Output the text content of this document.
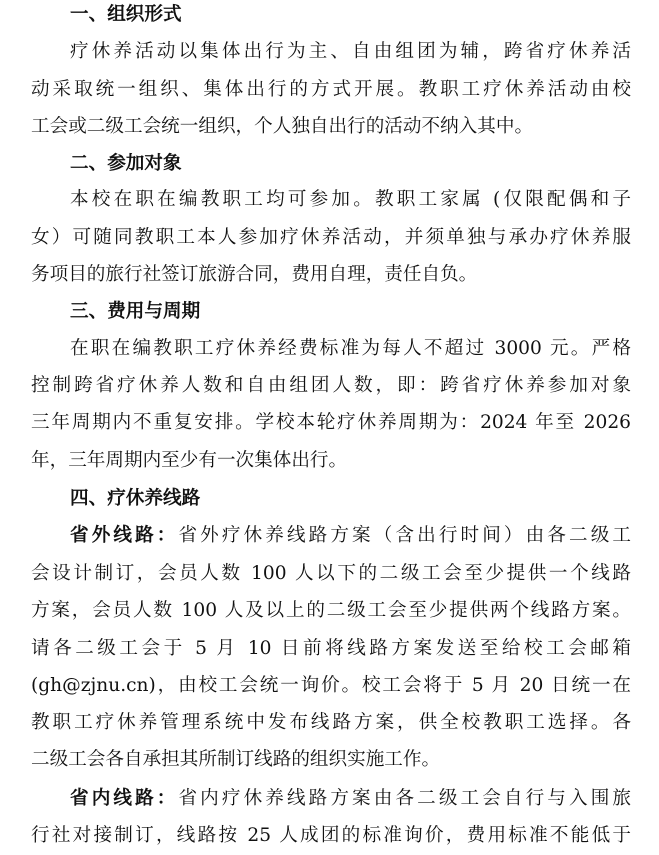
一、组织形式

疗休养活动以集体出行为主、自由组团为辅，跨省疗休养活

动采取统一组织、集体出行的方式开展。教职工疗休养活动由校

工会或二级工会统一组织，个人独自出行的活动不纳入其中。

二、参加对象

本校在职在编教职工均可参加。教职工家属 (仅限配偶和子

女）可随同教职工本人参加疗休养活动，并须单独与承办疗休养服

务项目的旅行社签订旅游合同，费用自理，责任自负。

三、费用与周期

在职在编教职工疗休养经费标准为每人不超过 3000 元。严格

控制跨省疗休养人数和自由组团人数，即：跨省疗休养参加对象

三年周期内不重复安排。学校本轮疗休养周期为：2024 年至 2026

年，三年周期内至少有一次集体出行。

四、疗休养线路

省外线路：省外疗休养线路方案（含出行时间）由各二级工

会设计制订，会员人数 100 人以下的二级工会至少提供一个线路

方案，会员人数 100 人及以上的二级工会至少提供两个线路方案。

请各二级工会于 5 月 10 日前将线路方案发送至给校工会邮箱

(gh@zjnu.cn)，由校工会统一询价。校工会将于 5 月 20 日统一在

教职工疗休养管理系统中发布线路方案，供全校教职工选择。各

二级工会各自承担其所制订线路的组织实施工作。

省内线路：省内疗休养线路方案由各二级工会自行与入围旅

行社对接制订，线路按 25 人成团的标准询价，费用标准不能低于
